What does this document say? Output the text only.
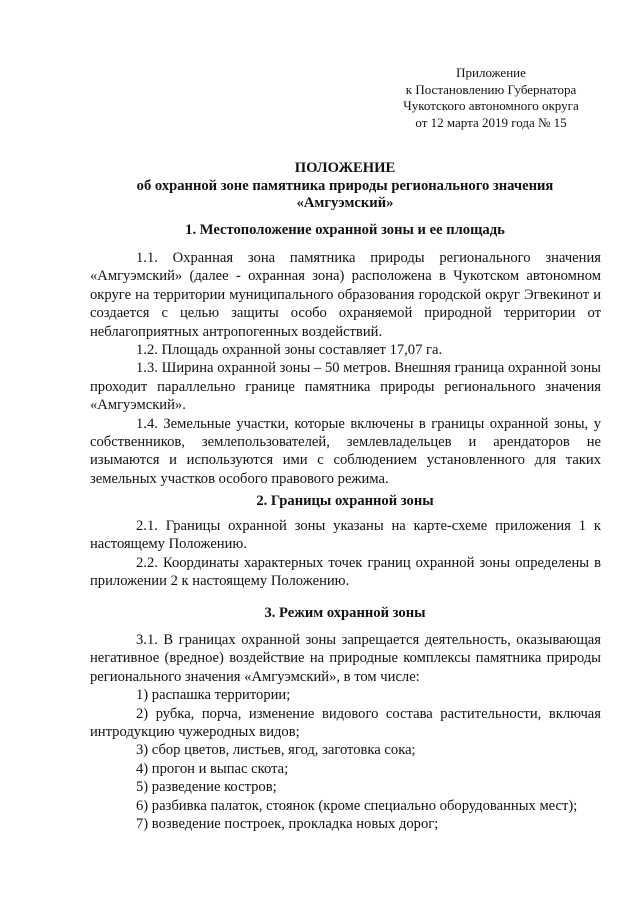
Приложение
к Постановлению Губернатора
Чукотского автономного округа
от 12 марта 2019 года № 15
ПОЛОЖЕНИЕ
об охранной зоне памятника природы регионального значения
«Амгуэмский»
1. Местоположение охранной зоны и ее площадь

1.1. Охранная зона памятника природы регионального значения «Амгуэмский» (далее - охранная зона) расположена в Чукотском автономном округе на территории муниципального образования городской округ Эгвекинот и создается с целью защиты особо охраняемой природной территории от неблагоприятных антропогенных воздействий.

1.2. Площадь охранной зоны составляет 17,07 га.

1.3. Ширина охранной зоны – 50 метров. Внешняя граница охранной зоны проходит параллельно границе памятника природы регионального значения «Амгуэмский».

1.4. Земельные участки, которые включены в границы охранной зоны, у собственников, землепользователей, землевладельцев и арендаторов не изымаются и используются ими с соблюдением установленного для таких земельных участков особого правового режима.

2. Границы охранной зоны

2.1. Границы охранной зоны указаны на карте-схеме приложения 1 к настоящему Положению.

2.2. Координаты характерных точек границ охранной зоны определены в приложении 2 к настоящему Положению.

3. Режим охранной зоны

3.1. В границах охранной зоны запрещается деятельность, оказывающая негативное (вредное) воздействие на природные комплексы памятника природы регионального значения «Амгуэмский», в том числе:

1) распашка территории;

2) рубка, порча, изменение видового состава растительности, включая интродукцию чужеродных видов;

3) сбор цветов, листьев, ягод, заготовка сока;

4) прогон и выпас скота;

5) разведение костров;

6) разбивка палаток, стоянок (кроме специально оборудованных мест);

7) возведение построек, прокладка новых дорог;
